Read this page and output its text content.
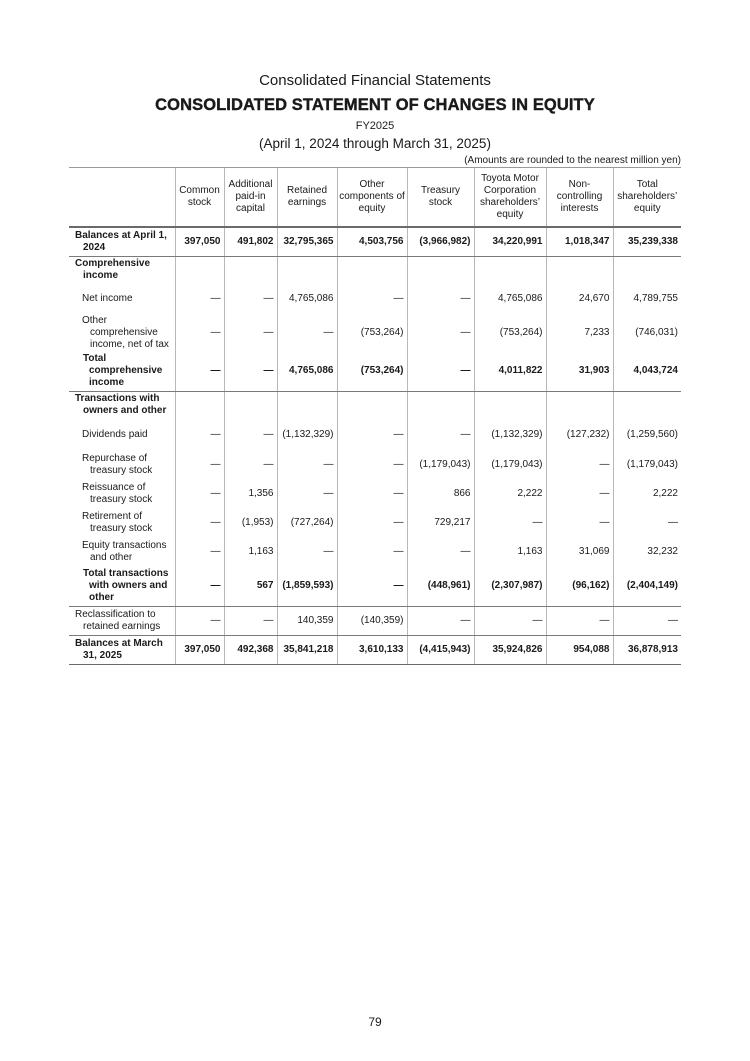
Consolidated Financial Statements
CONSOLIDATED STATEMENT OF CHANGES IN EQUITY
FY2025
(April 1, 2024 through March 31, 2025)
(Amounts are rounded to the nearest million yen)

	Common
stock	Additional
paid-in
capital	Retained
earnings	Other
components of
equity	Treasury
stock	Toyota Motor
Corporation
shareholders’
equity	Non-controlling
interests	Total
shareholders’
equity

Balances at April 1,
2024	397,050	491,802	32,795,365	4,503,756	(3,966,982)	34,220,991	1,018,347	35,239,338

Comprehensive
income								

Net income	—	—	4,765,086	—	—	4,765,086	24,670	4,789,755

Other
comprehensive
income, net of tax	—	—	—	(753,264)	—	(753,264)	7,233	(746,031)

Total
comprehensive
income	—	—	4,765,086	(753,264)	—	4,011,822	31,903	4,043,724

Transactions with
owners and other								

Dividends paid	—	—	(1,132,329)	—	—	(1,132,329)	(127,232)	(1,259,560)

Repurchase of
treasury stock	—	—	—	—	(1,179,043)	(1,179,043)	—	(1,179,043)

Reissuance of
treasury stock	—	1,356	—	—	866	2,222	—	2,222

Retirement of
treasury stock	—	(1,953)	(727,264)	—	729,217	—	—	—

Equity transactions
and other	—	1,163	—	—	—	1,163	31,069	32,232

Total transactions
with owners and
other	—	567	(1,859,593)	—	(448,961)	(2,307,987)	(96,162)	(2,404,149)

Reclassification to
retained earnings	—	—	140,359	(140,359)	—	—	—	—

Balances at March
31, 2025	397,050	492,368	35,841,218	3,610,133	(4,415,943)	35,924,826	954,088	36,878,913
79
